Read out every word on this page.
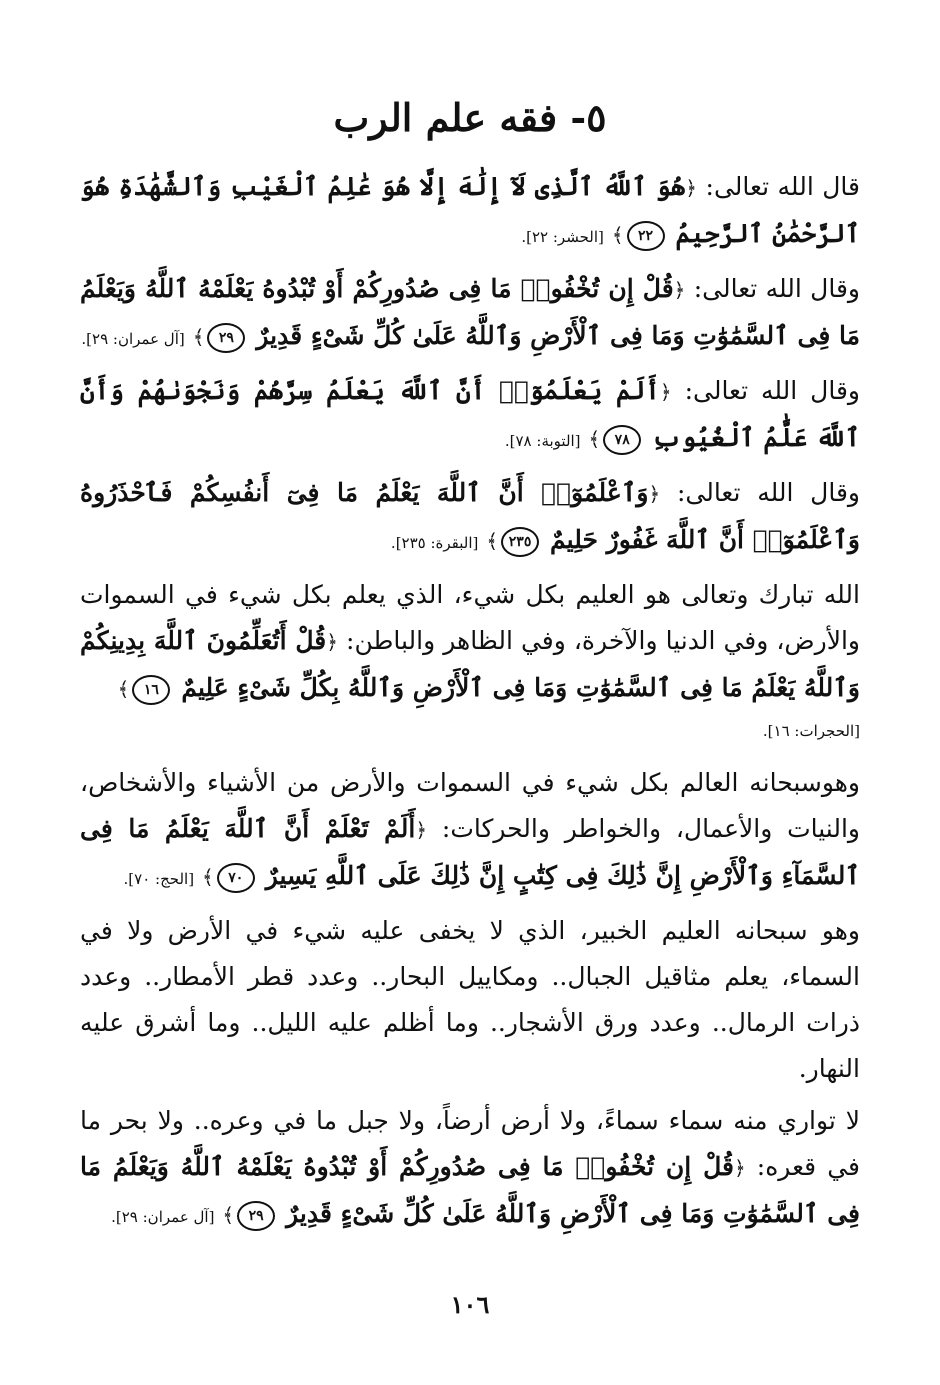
٥- فقه علم الرب

قال الله تعالى: ﴿هُوَ ٱللَّهُ ٱلَّذِى لَآ إِلَٰهَ إِلَّا هُوَ عَٰلِمُ ٱلْغَيْبِ وَٱلشَّهَٰدَةِ هُوَ ٱلرَّحْمَٰنُ ٱلرَّحِيمُ ٢٢﴾ [الحشر: ٢٢].

وقال الله تعالى: ﴿قُلْ إِن تُخْفُوا۟ مَا فِى صُدُورِكُمْ أَوْ تُبْدُوهُ يَعْلَمْهُ ٱللَّهُ وَيَعْلَمُ مَا فِى ٱلسَّمَٰوَٰتِ وَمَا فِى ٱلْأَرْضِ وَٱللَّهُ عَلَىٰ كُلِّ شَىْءٍ قَدِيرٌ ٢٩﴾ [آل عمران: ٢٩].

وقال الله تعالى: ﴿أَلَمْ يَعْلَمُوٓا۟ أَنَّ ٱللَّهَ يَعْلَمُ سِرَّهُمْ وَنَجْوَىٰهُمْ وَأَنَّ ٱللَّهَ عَلَّٰمُ ٱلْغُيُوبِ ٧٨﴾ [التوبة: ٧٨].

وقال الله تعالى: ﴿وَٱعْلَمُوٓا۟ أَنَّ ٱللَّهَ يَعْلَمُ مَا فِىٓ أَنفُسِكُمْ فَٱحْذَرُوهُ وَٱعْلَمُوٓا۟ أَنَّ ٱللَّهَ غَفُورٌ حَلِيمٌ ٢٣٥﴾ [البقرة: ٢٣٥].

الله تبارك وتعالى هو العليم بكل شيء، الذي يعلم بكل شيء في السموات والأرض، وفي الدنيا والآخرة، وفي الظاهر والباطن: ﴿قُلْ أَتُعَلِّمُونَ ٱللَّهَ بِدِينِكُمْ وَٱللَّهُ يَعْلَمُ مَا فِى ٱلسَّمَٰوَٰتِ وَمَا فِى ٱلْأَرْضِ وَٱللَّهُ بِكُلِّ شَىْءٍ عَلِيمٌ ١٦﴾

[الحجرات: ١٦].

وهوسبحانه العالم بكل شيء في السموات والأرض من الأشياء والأشخاص، والنيات والأعمال، والخواطر والحركات: ﴿أَلَمْ تَعْلَمْ أَنَّ ٱللَّهَ يَعْلَمُ مَا فِى ٱلسَّمَآءِ وَٱلْأَرْضِ إِنَّ ذَٰلِكَ فِى كِتَٰبٍ إِنَّ ذَٰلِكَ عَلَى ٱللَّهِ يَسِيرٌ ٧٠﴾ [الحج: ٧٠].

وهو سبحانه العليم الخبير، الذي لا يخفى عليه شيء في الأرض ولا في السماء، يعلم مثاقيل الجبال.. ومكاييل البحار.. وعدد قطر الأمطار.. وعدد ذرات الرمال.. وعدد ورق الأشجار.. وما أظلم عليه الليل.. وما أشرق عليه النهار.

لا تواري منه سماء سماءً، ولا أرض أرضاً، ولا جبل ما في وعره.. ولا بحر ما في قعره: ﴿قُلْ إِن تُخْفُوا۟ مَا فِى صُدُورِكُمْ أَوْ تُبْدُوهُ يَعْلَمْهُ ٱللَّهُ وَيَعْلَمُ مَا فِى ٱلسَّمَٰوَٰتِ وَمَا فِى ٱلْأَرْضِ وَٱللَّهُ عَلَىٰ كُلِّ شَىْءٍ قَدِيرٌ ٢٩﴾ [آل عمران: ٢٩].

١٠٦
